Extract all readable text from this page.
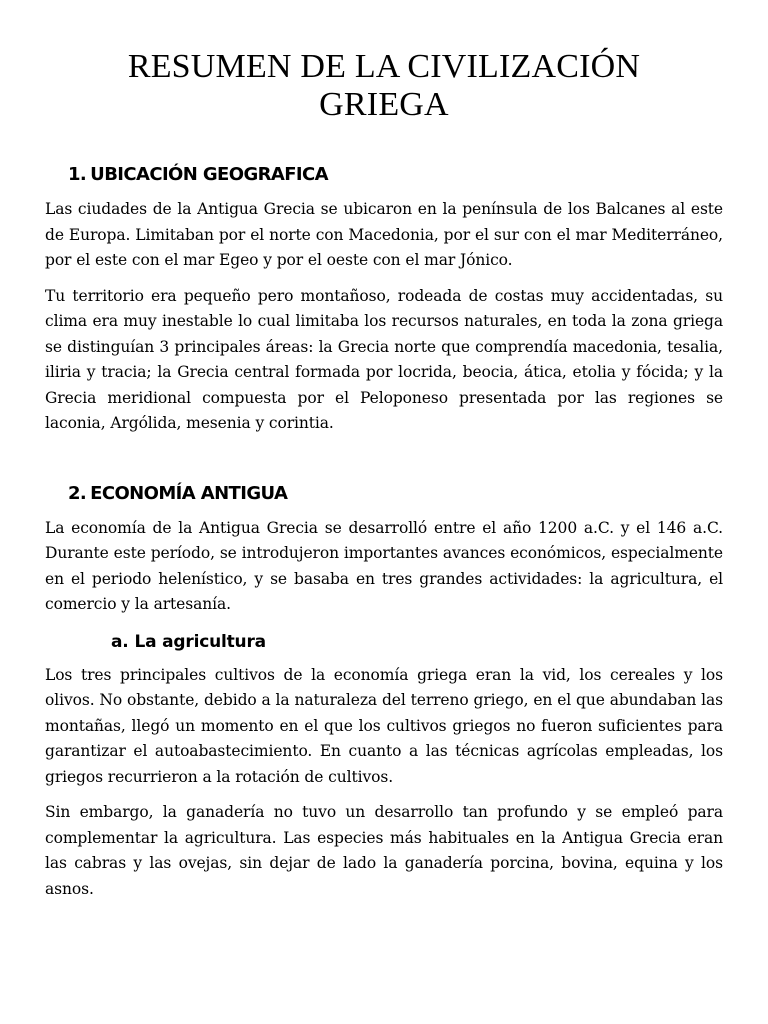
RESUMEN DE LA CIVILIZACIÓN
GRIEGA
1. UBICACIÓN GEOGRAFICA

Las ciudades de la Antigua Grecia se ubicaron en la península de los Balcanes al este de Europa. Limitaban por el norte con Macedonia, por el sur con el mar Mediterráneo, por el este con el mar Egeo y por el oeste con el mar Jónico.

Tu territorio era pequeño pero montañoso, rodeada de costas muy accidentadas, su clima era muy inestable lo cual limitaba los recursos naturales, en toda la zona griega se distinguían 3 principales áreas: la Grecia norte que comprendía macedonia, tesalia, iliria y tracia; la Grecia central formada por locrida, beocia, ática, etolia y fócida; y la Grecia meridional compuesta por el Peloponeso presentada por las regiones se laconia, Argólida, mesenia y corintia.

2. ECONOMÍA ANTIGUA

La economía de la Antigua Grecia se desarrolló entre el año 1200 a.C. y el 146 a.C. Durante este período, se introdujeron importantes avances económicos, especialmente en el periodo helenístico, y se basaba en tres grandes actividades: la agricultura, el comercio y la artesanía.

a. La agricultura

Los tres principales cultivos de la economía griega eran la vid, los cereales y los olivos. No obstante, debido a la naturaleza del terreno griego, en el que abundaban las montañas, llegó un momento en el que los cultivos griegos no fueron suficientes para garantizar el autoabastecimiento. En cuanto a las técnicas agrícolas empleadas, los griegos recurrieron a la rotación de cultivos.

Sin embargo, la ganadería no tuvo un desarrollo tan profundo y se empleó para complementar la agricultura. Las especies más habituales en la Antigua Grecia eran las cabras y las ovejas, sin dejar de lado la ganadería porcina, bovina, equina y los asnos.
